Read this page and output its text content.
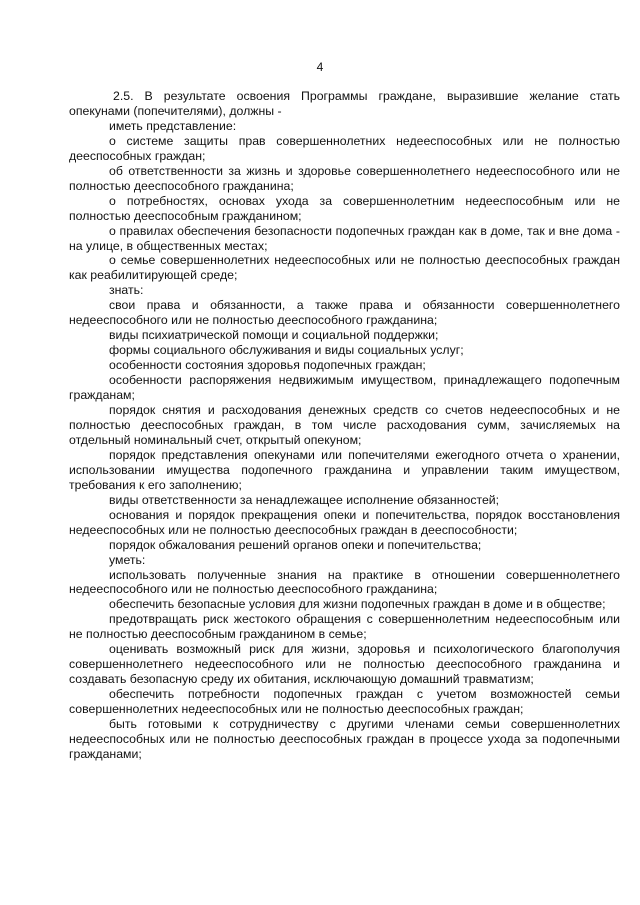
4

2.5. В результате освоения Программы граждане, выразившие желание стать опекунами (попечителями), должны -

иметь представление:

о системе защиты прав совершеннолетних недееспособных или не полностью дееспособных граждан;

об ответственности за жизнь и здоровье совершеннолетнего недееспособного или не полностью дееспособного гражданина;

о потребностях, основах ухода за совершеннолетним недееспособным или не полностью дееспособным гражданином;

о правилах обеспечения безопасности подопечных граждан как в доме, так и вне дома - на улице, в общественных местах;

о семье совершеннолетних недееспособных или не полностью дееспособных граждан как реабилитирующей среде;

знать:

свои права и обязанности, а также права и обязанности совершеннолетнего недееспособного или не полностью дееспособного гражданина;

виды психиатрической помощи и социальной поддержки;

формы социального обслуживания и виды социальных услуг;

особенности состояния здоровья подопечных граждан;

особенности распоряжения недвижимым имуществом, принадлежащего подопечным гражданам;

порядок снятия и расходования денежных средств со счетов недееспособных и не полностью дееспособных граждан, в том числе расходования сумм, зачисляемых на отдельный номинальный счет, открытый опекуном;

порядок представления опекунами или попечителями ежегодного отчета о хранении, использовании имущества подопечного гражданина и управлении таким имуществом, требования к его заполнению;

виды ответственности за ненадлежащее исполнение обязанностей;

основания и порядок прекращения опеки и попечительства, порядок восстановления недееспособных или не полностью дееспособных граждан в дееспособности;

порядок обжалования решений органов опеки и попечительства;

уметь:

использовать полученные знания на практике в отношении совершеннолетнего недееспособного или не полностью дееспособного гражданина;

обеспечить безопасные условия для жизни подопечных граждан в доме и в обществе;

предотвращать риск жестокого обращения с совершеннолетним недееспособным или не полностью дееспособным гражданином в семье;

оценивать возможный риск для жизни, здоровья и психологического благополучия совершеннолетнего недееспособного или не полностью дееспособного гражданина и создавать безопасную среду их обитания, исключающую домашний травматизм;

обеспечить потребности подопечных граждан с учетом возможностей семьи совершеннолетних недееспособных или не полностью дееспособных граждан;

быть готовыми к сотрудничеству с другими членами семьи совершеннолетних недееспособных или не полностью дееспособных граждан в процессе ухода за подопечными гражданами;
